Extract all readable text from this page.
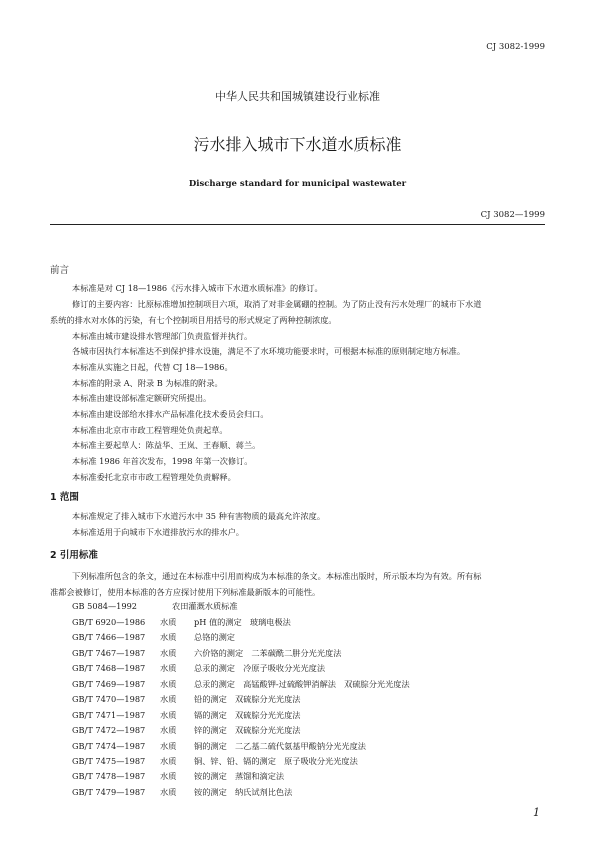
CJ 3082-1999
中华人民共和国城镇建设行业标准
污水排入城市下水道水质标准
Discharge standard for municipal wastewater
CJ 3082—1999
前言
本标准是对 CJ 18—1986《污水排入城市下水道水质标准》的修订。
修订的主要内容：比原标准增加控制项目六项，取消了对非金属硼的控制。为了防止没有污水处理厂的城市下水道
系统的排水对水体的污染，有七个控制项目用括号的形式规定了两种控制浓度。
本标准由城市建设排水管理部门负责监督并执行。
各城市因执行本标准达不到保护排水设施，满足不了水环境功能要求时，可根据本标准的原则制定地方标准。
本标准从实施之日起，代替 CJ 18—1986。
本标准的附录 A、附录 B 为标准的附录。
本标准由建设部标准定额研究所提出。
本标准由建设部给水排水产品标准化技术委员会归口。
本标准由北京市市政工程管理处负责起草。
本标准主要起草人：陈益华、王岚、王春顺、蒋兰。
本标准 1986 年首次发布，1998 年第一次修订。
本标准委托北京市市政工程管理处负责解释。
1 范围
本标准规定了排入城市下水道污水中 35 种有害物质的最高允许浓度。
本标准适用于向城市下水道排放污水的排水户。
2 引用标准
下列标准所包含的条文，通过在本标准中引用而构成为本标准的条文。本标准出版时，所示版本均为有效。所有标
准都会被修订，使用本标准的各方应探讨使用下列标准最新版本的可能性。
GB 5084—1992	农田灌溉水质标准
GB/T 6920—1986 水质 pH 值的测定　玻璃电极法
GB/T 7466—1987 水质 总铬的测定
GB/T 7467—1987 水质 六价铬的测定　二苯碳酰二肼分光光度法
GB/T 7468—1987 水质 总汞的测定　冷原子吸收分光光度法
GB/T 7469—1987 水质 总汞的测定　高锰酸钾-过硫酸钾消解法　双硫腙分光光度法
GB/T 7470—1987 水质 铅的测定　双硫腙分光光度法
GB/T 7471—1987 水质 镉的测定　双硫腙分光光度法
GB/T 7472—1987 水质 锌的测定　双硫腙分光光度法
GB/T 7474—1987 水质 铜的测定　二乙基二硫代氨基甲酸钠分光光度法
GB/T 7475—1987 水质 铜、锌、铅、镉的测定　原子吸收分光光度法
GB/T 7478—1987 水质 铵的测定　蒸馏和滴定法
GB/T 7479—1987 水质 铵的测定　纳氏试剂比色法
1
